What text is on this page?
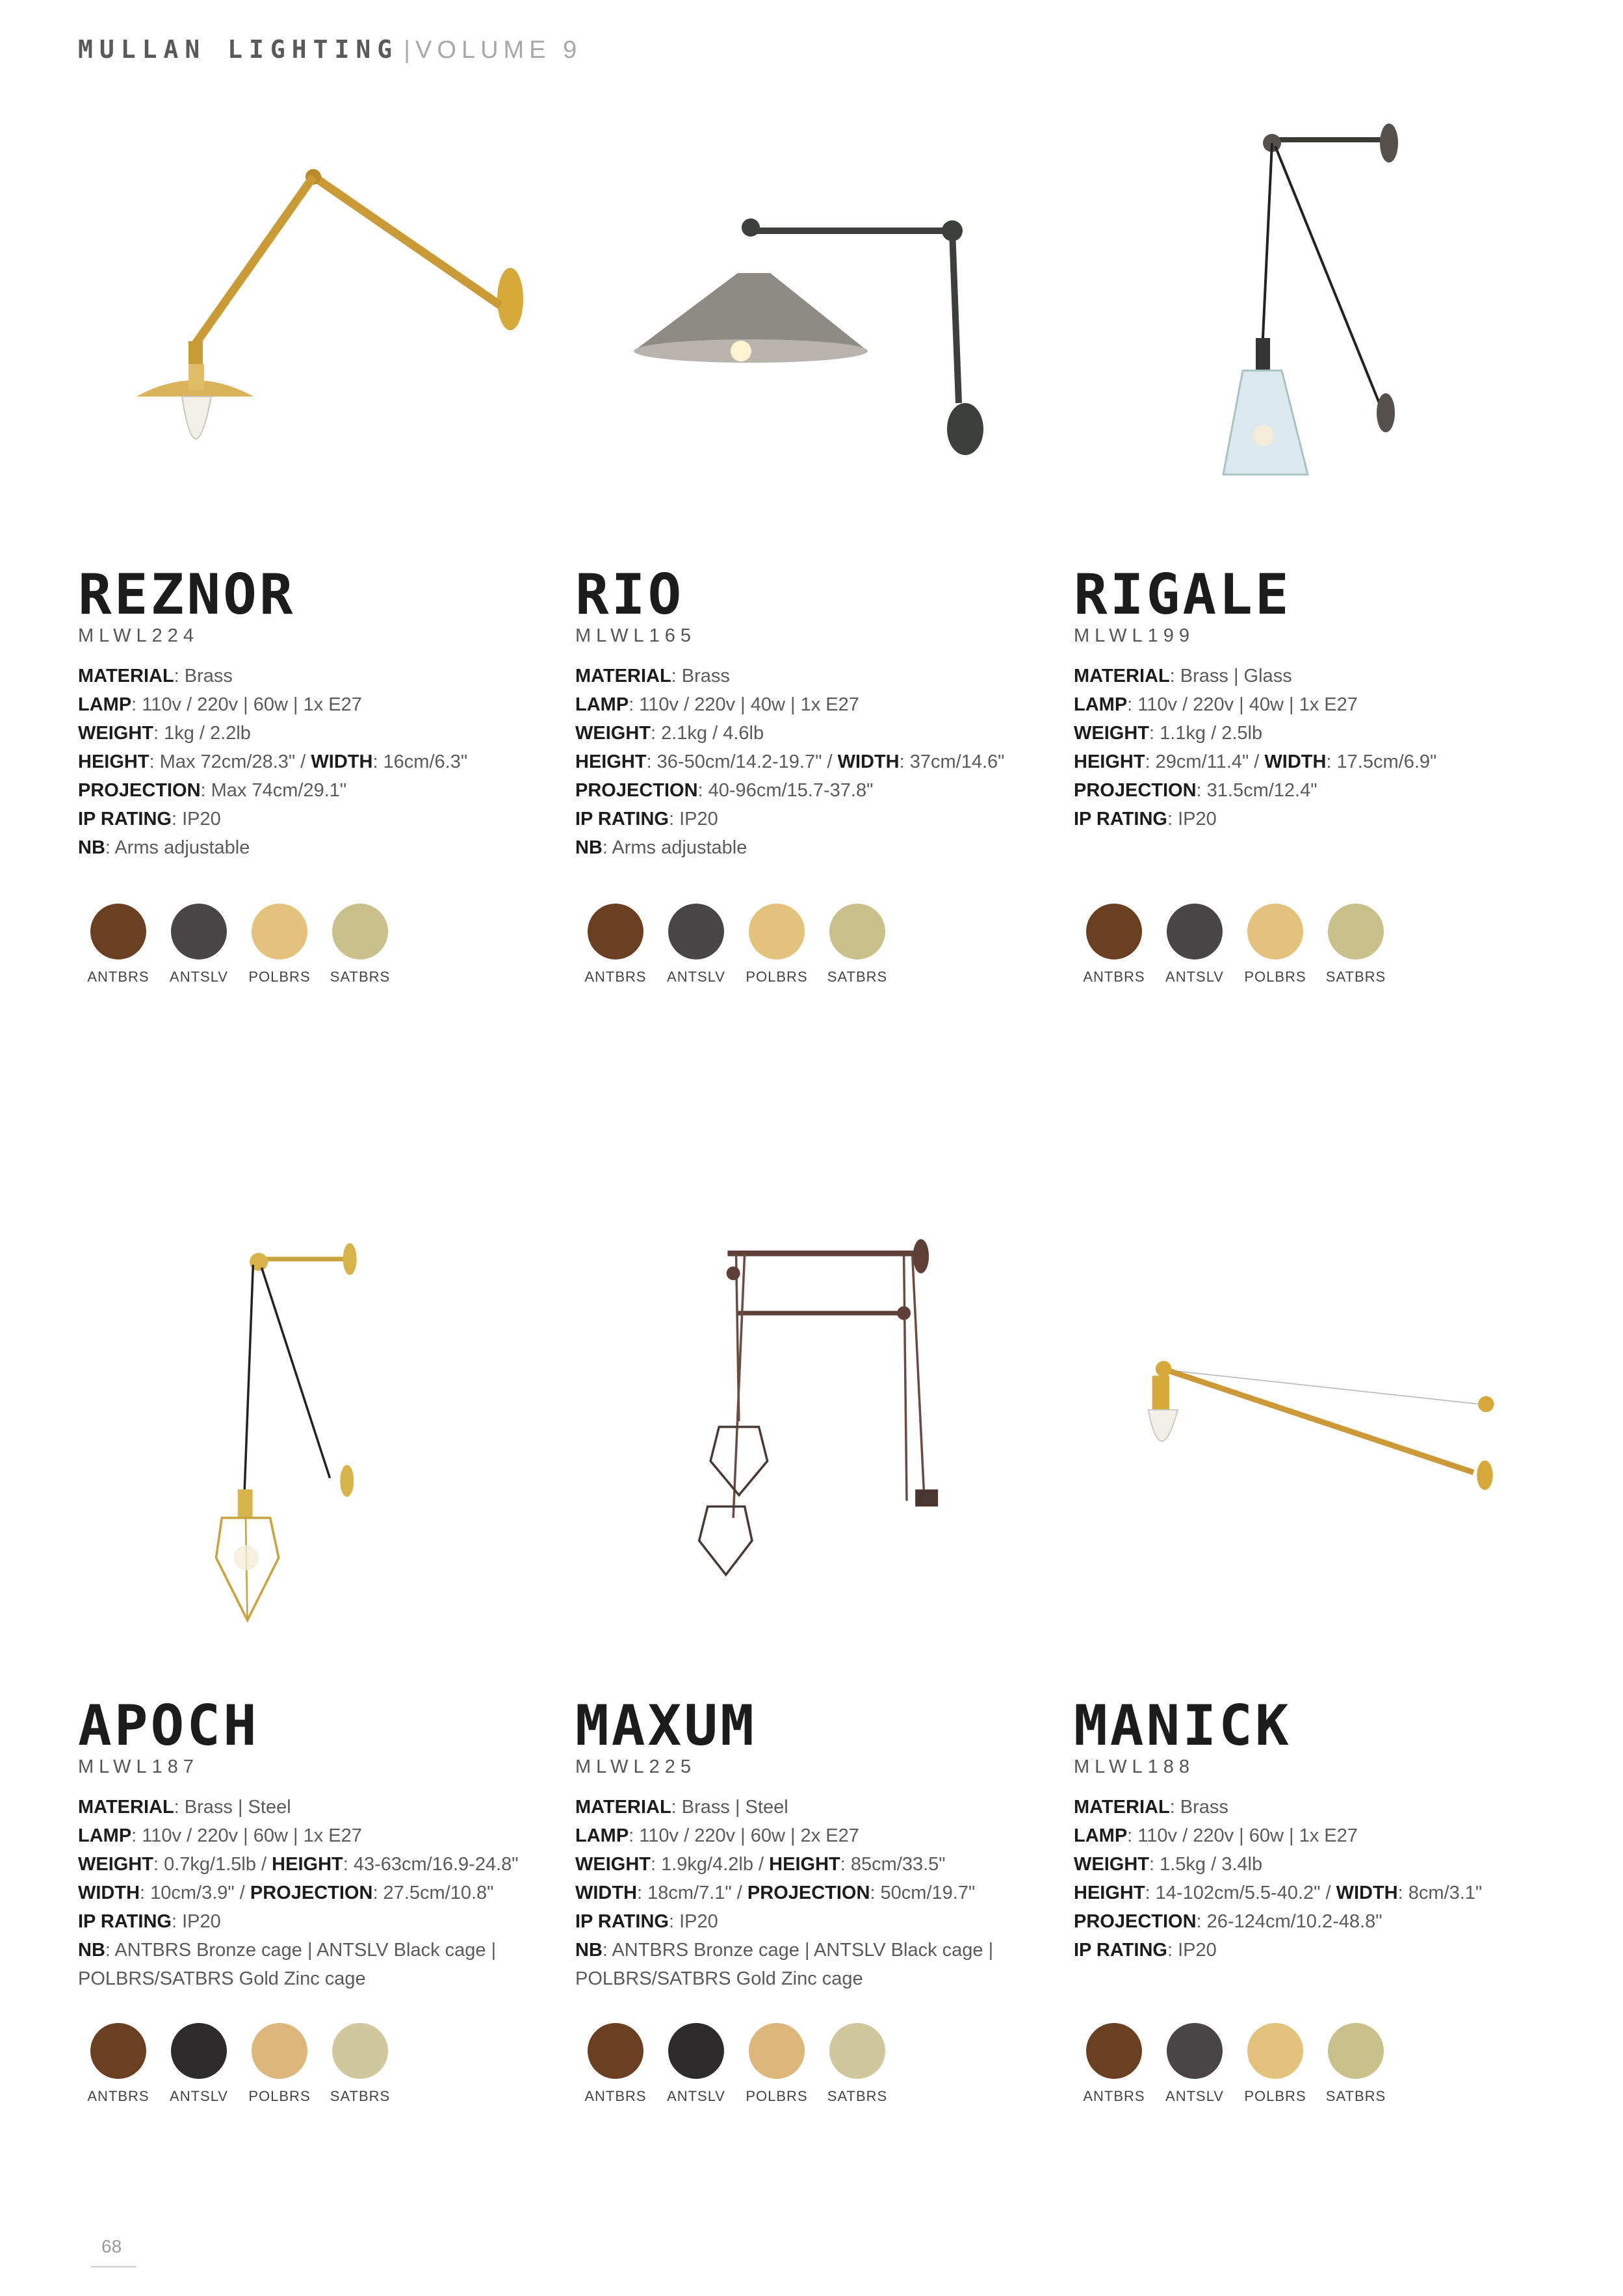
MULLAN LIGHTING | VOLUME 9
REZNOR
MLWL224
MATERIAL: Brass
LAMP: 110v / 220v | 60w | 1x E27
WEIGHT: 1kg / 2.2lb
HEIGHT: Max 72cm/28.3" / WIDTH: 16cm/6.3"
PROJECTION: Max 74cm/29.1"
IP RATING: IP20
NB: Arms adjustable
ANTBRS	ANTSLV	POLBRS	SATBRS
RIO
MLWL165
MATERIAL: Brass
LAMP: 110v / 220v | 40w | 1x E27
WEIGHT: 2.1kg / 4.6lb
HEIGHT: 36-50cm/14.2-19.7" / WIDTH: 37cm/14.6"
PROJECTION: 40-96cm/15.7-37.8"
IP RATING: IP20
NB: Arms adjustable
ANTBRS	ANTSLV	POLBRS	SATBRS
RIGALE
MLWL199
MATERIAL: Brass | Glass
LAMP: 110v / 220v | 40w | 1x E27
WEIGHT: 1.1kg / 2.5lb
HEIGHT: 29cm/11.4" / WIDTH: 17.5cm/6.9"
PROJECTION: 31.5cm/12.4"
IP RATING: IP20
ANTBRS	ANTSLV	POLBRS	SATBRS
APOCH
MLWL187
MATERIAL: Brass | Steel
LAMP: 110v / 220v | 60w | 1x E27
WEIGHT: 0.7kg/1.5lb / HEIGHT: 43-63cm/16.9-24.8"
WIDTH: 10cm/3.9" / PROJECTION: 27.5cm/10.8"
IP RATING: IP20
NB: ANTBRS Bronze cage | ANTSLV Black cage |
POLBRS/SATBRS Gold Zinc cage
ANTBRS	ANTSLV	POLBRS	SATBRS
MAXUM
MLWL225
MATERIAL: Brass | Steel
LAMP: 110v / 220v | 60w | 2x E27
WEIGHT: 1.9kg/4.2lb / HEIGHT: 85cm/33.5"
WIDTH: 18cm/7.1" / PROJECTION: 50cm/19.7"
IP RATING: IP20
NB: ANTBRS Bronze cage | ANTSLV Black cage |
POLBRS/SATBRS Gold Zinc cage
ANTBRS	ANTSLV	POLBRS	SATBRS
MANICK
MLWL188
MATERIAL: Brass
LAMP: 110v / 220v | 60w | 1x E27
WEIGHT: 1.5kg / 3.4lb
HEIGHT: 14-102cm/5.5-40.2" / WIDTH: 8cm/3.1"
PROJECTION: 26-124cm/10.2-48.8"
IP RATING: IP20
ANTBRS	ANTSLV	POLBRS	SATBRS
68
